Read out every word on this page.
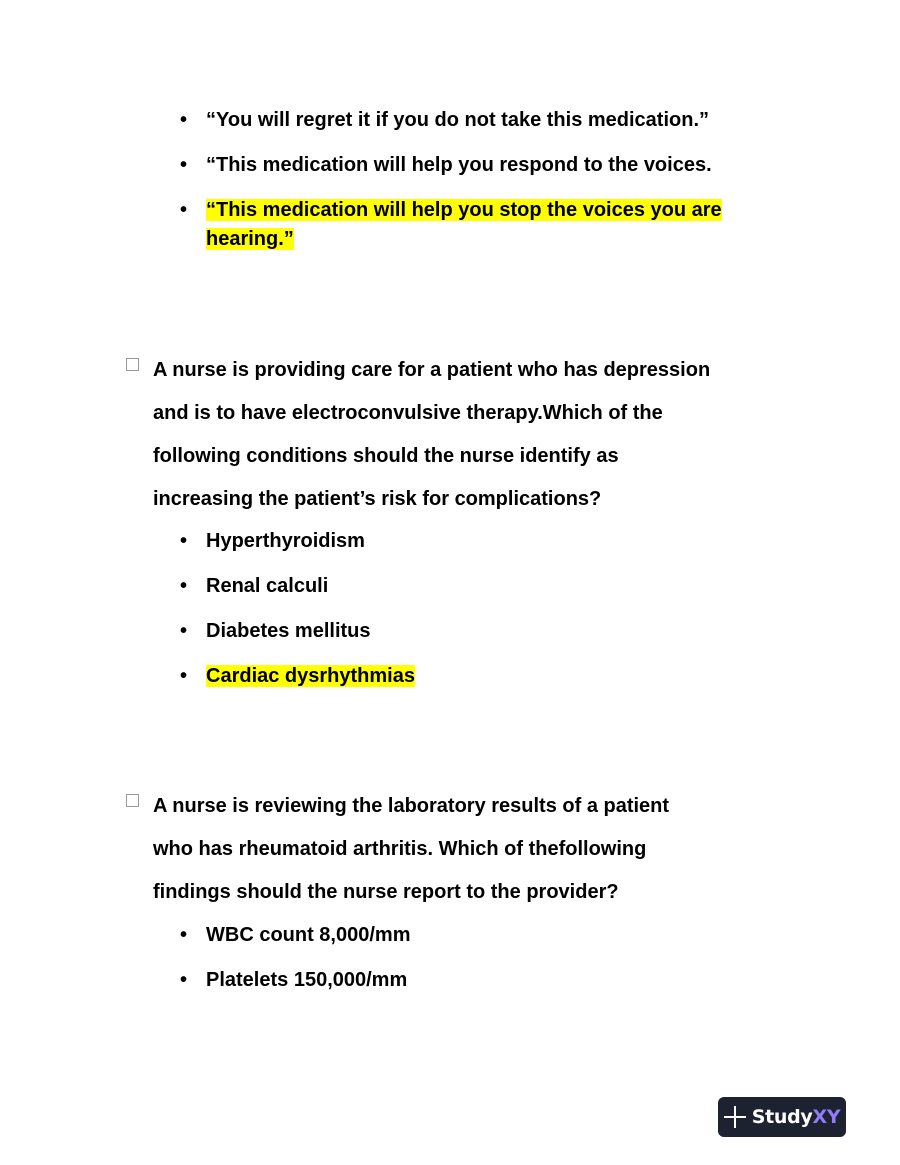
• “You will regret it if you do not take this medication.”
• “This medication will help you respond to the voices.
• “This medication will help you stop the voices you are
hearing.”
A nurse is providing care for a patient who has depression
and is to have electroconvulsive therapy.Which of the
following conditions should the nurse identify as
increasing the patient’s risk for complications?
• Hyperthyroidism
• Renal calculi
• Diabetes mellitus
• Cardiac dysrhythmias
A nurse is reviewing the laboratory results of a patient
who has rheumatoid arthritis. Which of thefollowing
findings should the nurse report to the provider?
• WBC count 8,000/mm
• Platelets 150,000/mm
StudyXY
